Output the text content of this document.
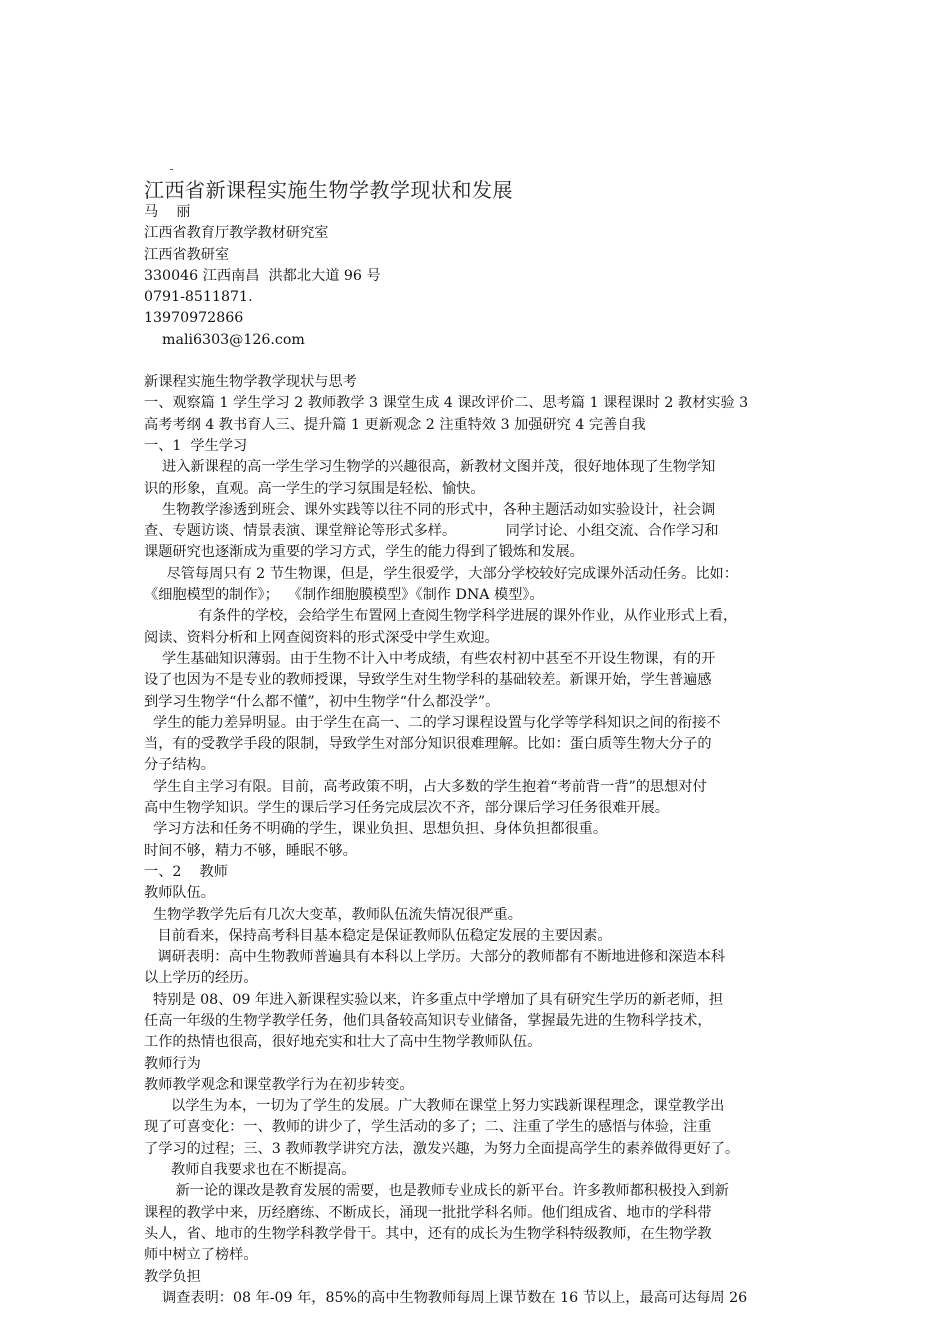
江西省新课程实施生物学教学现状和发展
马    丽
江西省教育厅教学教材研究室
江西省教研室
330046 江西南昌  洪都北大道 96 号
0791-8511871.
13970972866
mali6303@126.com
新课程实施生物学教学现状与思考
一、观察篇 1 学生学习 2 教师教学 3 课堂生成 4 课改评价二、思考篇 1 课程课时 2 教材实验 3
高考考纲 4 教书育人三、提升篇 1 更新观念 2 注重特效 3 加强研究 4 完善自我
一、1  学生学习
进入新课程的高一学生学习生物学的兴趣很高，新教材文图并茂，很好地体现了生物学知
识的形象，直观。高一学生的学习氛围是轻松、愉快。
生物教学渗透到班会、课外实践等以往不同的形式中，各种主题活动如实验设计，社会调
查、专题访谈、情景表演、课堂辩论等形式多样。           同学讨论、小组交流、合作学习和
课题研究也逐渐成为重要的学习方式，学生的能力得到了锻炼和发展。
尽管每周只有 2 节生物课，但是，学生很爱学，大部分学校较好完成课外活动任务。比如：
《细胞模型的制作》；  《制作细胞膜模型》《制作 DNA 模型》。
有条件的学校，会给学生布置网上查阅生物学科学进展的课外作业，从作业形式上看，
阅读、资料分析和上网查阅资料的形式深受中学生欢迎。
学生基础知识薄弱。由于生物不计入中考成绩，有些农村初中甚至不开设生物课，有的开
设了也因为不是专业的教师授课，导致学生对生物学科的基础较差。新课开始，学生普遍感
到学习生物学“什么都不懂”，初中生物学“什么都没学”。
学生的能力差异明显。由于学生在高一、二的学习课程设置与化学等学科知识之间的衔接不
当，有的受教学手段的限制，导致学生对部分知识很难理解。比如：蛋白质等生物大分子的
分子结构。
学生自主学习有限。目前，高考政策不明，占大多数的学生抱着“考前背一背”的思想对付
高中生物学知识。学生的课后学习任务完成层次不齐，部分课后学习任务很难开展。
学习方法和任务不明确的学生，课业负担、思想负担、身体负担都很重。
时间不够，精力不够，睡眠不够。
一、2    教师
教师队伍。
生物学教学先后有几次大变革，教师队伍流失情况很严重。
目前看来，保持高考科目基本稳定是保证教师队伍稳定发展的主要因素。
调研表明：高中生物教师普遍具有本科以上学历。大部分的教师都有不断地进修和深造本科
以上学历的经历。
特别是 08、09 年进入新课程实验以来，许多重点中学增加了具有研究生学历的新老师，担
任高一年级的生物学教学任务，他们具备较高知识专业储备，掌握最先进的生物科学技术，
工作的热情也很高，很好地充实和壮大了高中生物学教师队伍。
教师行为
教师教学观念和课堂教学行为在初步转变。
以学生为本，一切为了学生的发展。广大教师在课堂上努力实践新课程理念，课堂教学出
现了可喜变化：一、教师的讲少了，学生活动的多了；二、注重了学生的感悟与体验，注重
了学习的过程；三、3 教师教学讲究方法，激发兴趣，为努力全面提高学生的素养做得更好了。
教师自我要求也在不断提高。
新一论的课改是教育发展的需要，也是教师专业成长的新平台。许多教师都积极投入到新
课程的教学中来，历经磨练、不断成长，涌现一批批学科名师。他们组成省、地市的学科带
头人，省、地市的生物学科教学骨干。其中，还有的成长为生物学科特级教师，在生物学教
师中树立了榜样。
教学负担
调查表明：08 年-09 年，85%的高中生物教师每周上课节数在 16 节以上，最高可达每周 26
